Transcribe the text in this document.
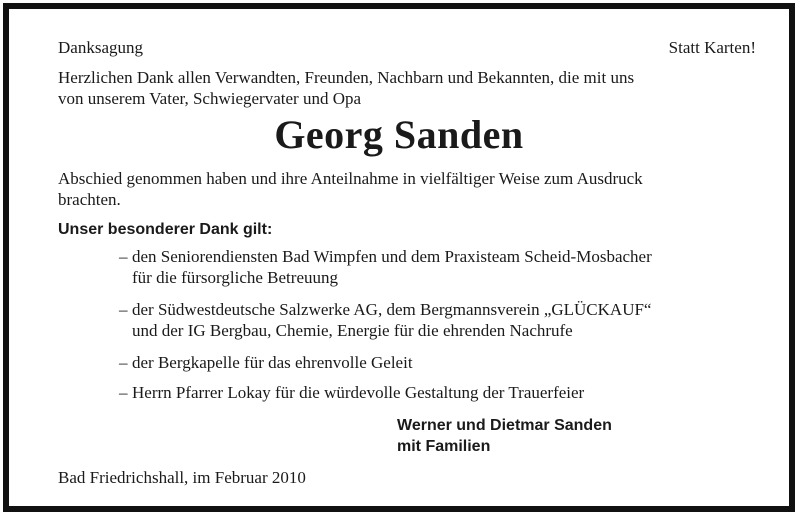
Danksagung	Statt Karten!
Herzlichen Dank allen Verwandten, Freunden, Nachbarn und Bekannten, die mit uns
von unserem Vater, Schwiegervater und Opa
Georg Sanden
Abschied genommen haben und ihre Anteilnahme in vielfältiger Weise zum Ausdruck
brachten.
Unser besonderer Dank gilt:
– den Seniorendiensten Bad Wimpfen und dem Praxisteam Scheid-Mosbacher
für die fürsorgliche Betreuung
– der Südwestdeutsche Salzwerke AG, dem Bergmannsverein „GLÜCKAUF“
und der IG Bergbau, Chemie, Energie für die ehrenden Nachrufe
– der Bergkapelle für das ehrenvolle Geleit
– Herrn Pfarrer Lokay für die würdevolle Gestaltung der Trauerfeier
Werner und Dietmar Sanden
mit Familien
Bad Friedrichshall, im Februar 2010
